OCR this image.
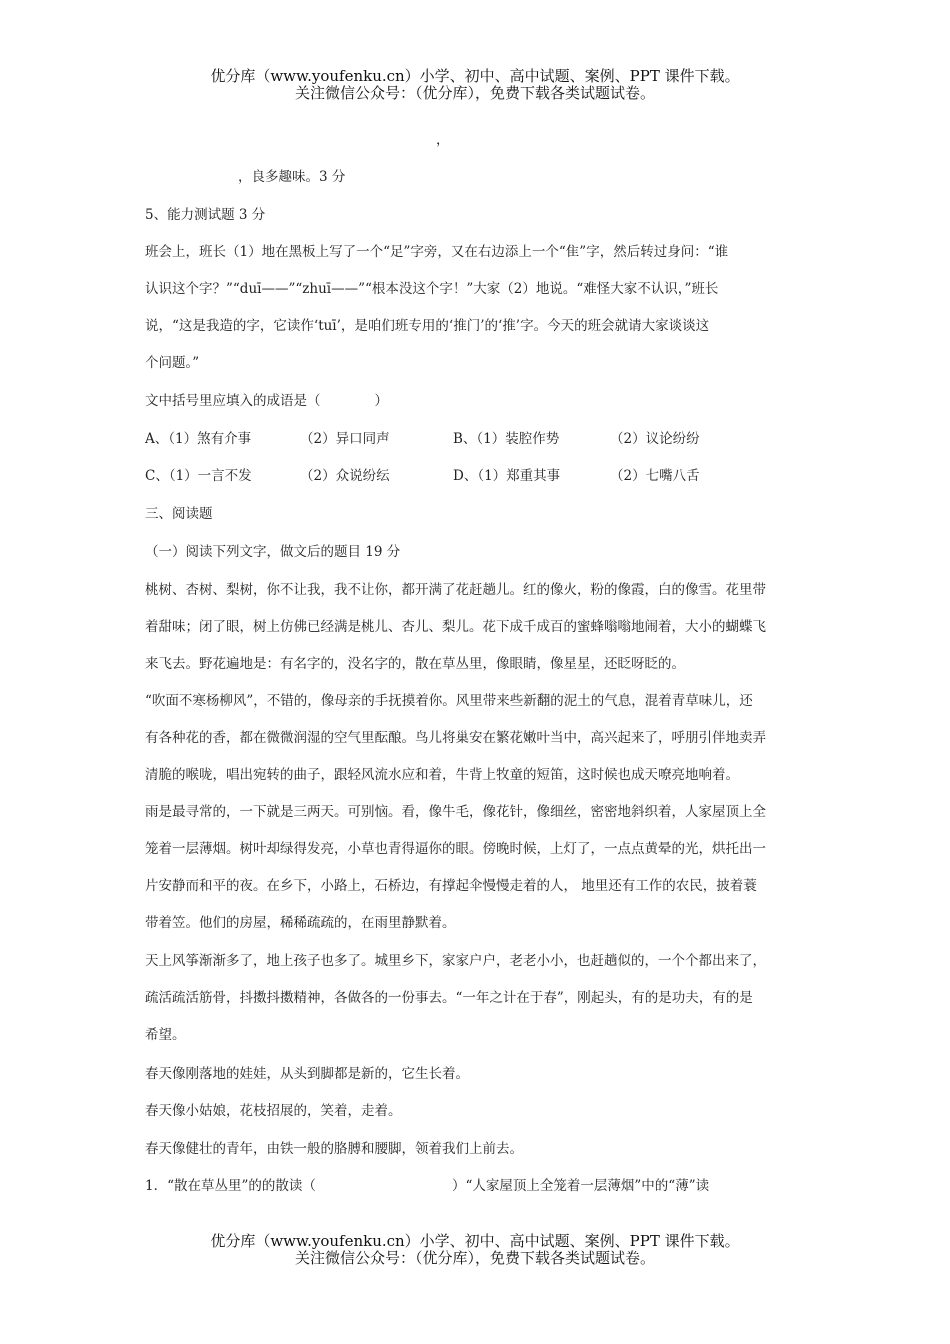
优分库（www.youfenku.cn）小学、初中、高中试题、案例、PPT 课件下载。
关注微信公众号：（优分库），免费下载各类试题试卷。
，
，良多趣味。3 分
5、能力测试题 3 分
班会上，班长（1）地在黑板上写了一个“足”字旁，又在右边添上一个“隹”字，然后转过身问：“谁
认识这个字？”“duī——”“zhuī——”“根本没这个字！”大家（2）地说。“难怪大家不认识，”班长
说，“这是我造的字，它读作‘tuī’，是咱们班专用的‘推门’的‘推’字。今天的班会就请大家谈谈这
个问题。”
文中括号里应填入的成语是（　　　　）
A、（1）煞有介事	（2）异口同声	B、（1）装腔作势	（2）议论纷纷
C、（1）一言不发	（2）众说纷纭	D、（1）郑重其事	（2）七嘴八舌
三、阅读题
（一）阅读下列文字，做文后的题目 19 分
桃树、杏树、梨树，你不让我，我不让你，都开满了花赶趟儿。红的像火，粉的像霞，白的像雪。花里带
着甜味；闭了眼，树上仿佛已经满是桃儿、杏儿、梨儿。花下成千成百的蜜蜂嗡嗡地闹着，大小的蝴蝶飞
来飞去。野花遍地是：有名字的，没名字的，散在草丛里，像眼睛，像星星，还眨呀眨的。
“吹面不寒杨柳风”，不错的，像母亲的手抚摸着你。风里带来些新翻的泥土的气息，混着青草味儿，还
有各种花的香，都在微微润湿的空气里酝酿。鸟儿将巢安在繁花嫩叶当中，高兴起来了，呼朋引伴地卖弄
清脆的喉咙，唱出宛转的曲子，跟轻风流水应和着，牛背上牧童的短笛，这时候也成天嘹亮地响着。
雨是最寻常的，一下就是三两天。可别恼。看，像牛毛，像花针，像细丝，密密地斜织着，人家屋顶上全
笼着一层薄烟。树叶却绿得发亮，小草也青得逼你的眼。傍晚时候，上灯了，一点点黄晕的光，烘托出一
片安静而和平的夜。在乡下，小路上，石桥边，有撑起伞慢慢走着的人， 地里还有工作的农民，披着蓑
带着笠。他们的房屋，稀稀疏疏的，在雨里静默着。
天上风筝渐渐多了，地上孩子也多了。城里乡下，家家户户，老老小小，也赶趟似的，一个个都出来了，
疏活疏活筋骨，抖擞抖擞精神，各做各的一份事去。“一年之计在于春”，刚起头，有的是功夫，有的是
希望。
春天像刚落地的娃娃，从头到脚都是新的，它生长着。
春天像小姑娘，花枝招展的，笑着，走着。
春天像健壮的青年，由铁一般的胳膊和腰脚，领着我们上前去。
1．“散在草丛里”的的散读（	）“人家屋顶上全笼着一层薄烟”中的“薄”读
优分库（www.youfenku.cn）小学、初中、高中试题、案例、PPT 课件下载。
关注微信公众号：（优分库），免费下载各类试题试卷。
